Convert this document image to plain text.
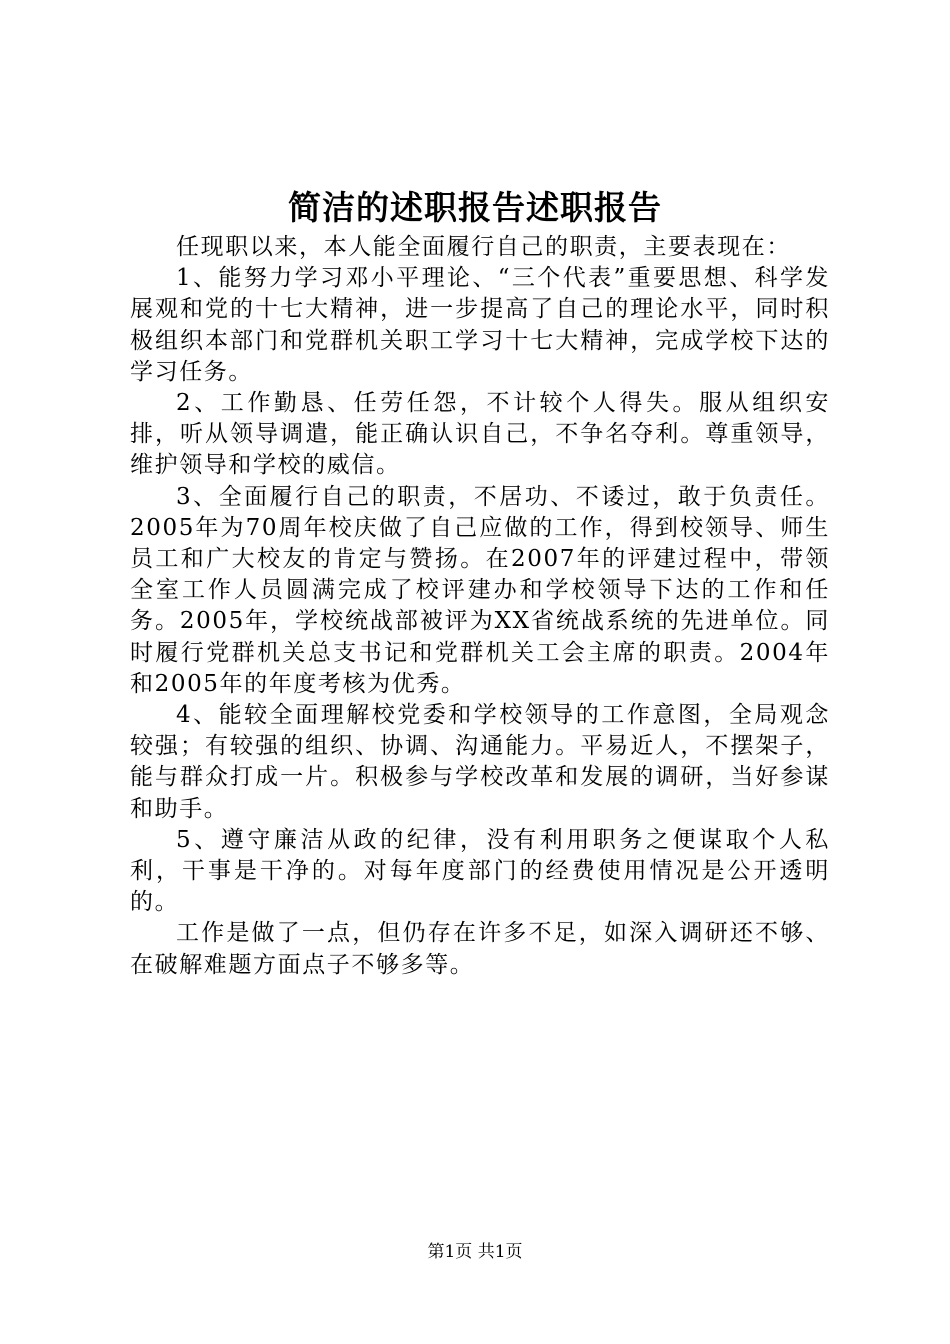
简洁的述职报告述职报告

任现职以来，本人能全面履行自己的职责，主要表现在：

1、能努力学习邓小平理论、“三个代表”重要思想、科学发展观和党的十七大精神，进一步提高了自己的理论水平，同时积极组织本部门和党群机关职工学习十七大精神，完成学校下达的学习任务。

2、工作勤恳、任劳任怨，不计较个人得失。服从组织安排，听从领导调遣，能正确认识自己，不争名夺利。尊重领导，维护领导和学校的威信。

3、全面履行自己的职责，不居功、不诿过，敢于负责任。2005年为70周年校庆做了自己应做的工作，得到校领导、师生员工和广大校友的肯定与赞扬。在2007年的评建过程中，带领全室工作人员圆满完成了校评建办和学校领导下达的工作和任务。2005年，学校统战部被评为XX省统战系统的先进单位。同时履行党群机关总支书记和党群机关工会主席的职责。2004年和2005年的年度考核为优秀。

4、能较全面理解校党委和学校领导的工作意图，全局观念较强；有较强的组织、协调、沟通能力。平易近人，不摆架子，能与群众打成一片。积极参与学校改革和发展的调研，当好参谋和助手。

5、遵守廉洁从政的纪律，没有利用职务之便谋取个人私利，干事是干净的。对每年度部门的经费使用情况是公开透明的。

工作是做了一点，但仍存在许多不足，如深入调研还不够、在破解难题方面点子不够多等。

第1页 共1页
